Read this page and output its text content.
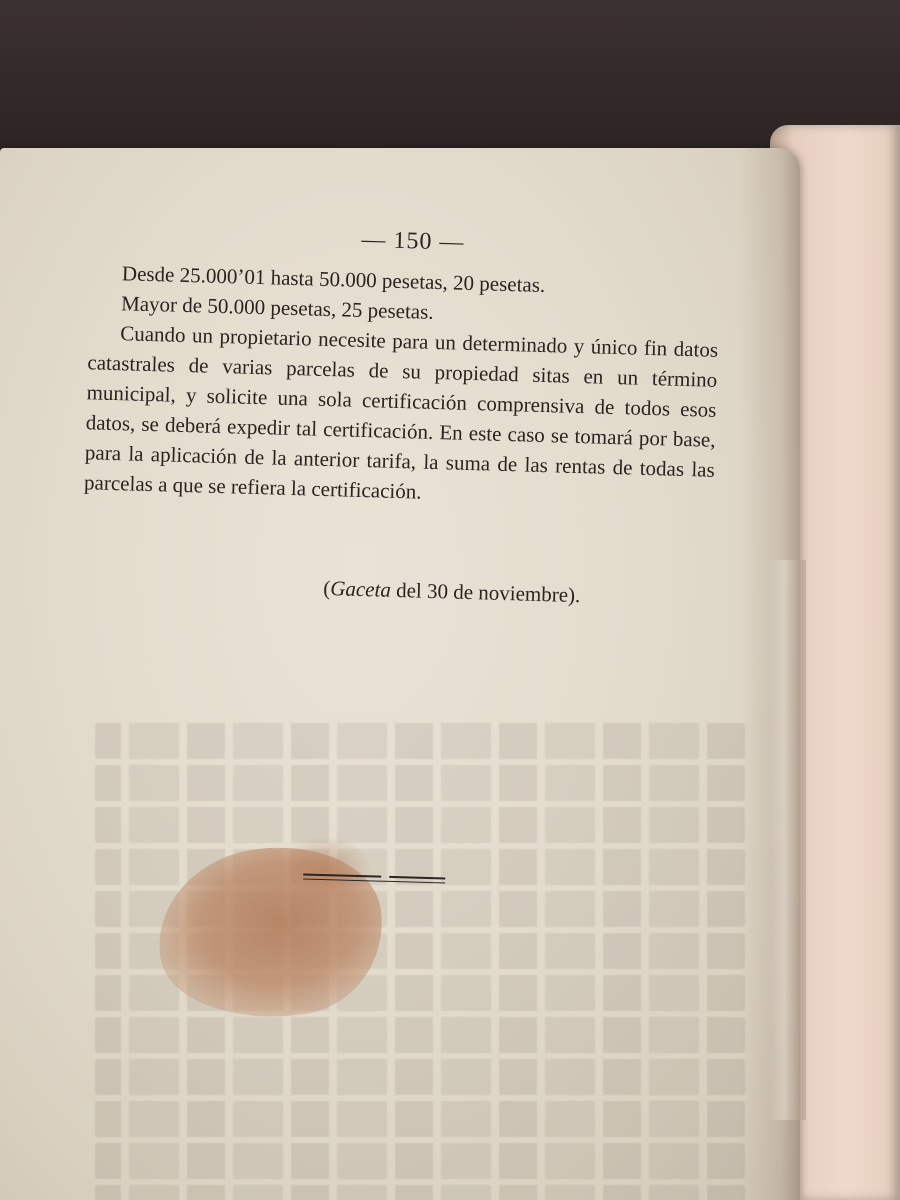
— 150 —

Desde 25.000’01 hasta 50.000 pesetas, 20 pesetas.

Mayor de 50.000 pesetas, 25 pesetas.

Cuando un propietario necesite para un determinado y único fin datos catastrales de varias parcelas de su propiedad sitas en un término municipal, y solicite una sola certificación comprensiva de todos esos datos, se deberá expedir tal certificación. En este caso se tomará por base, para la aplicación de la anterior tarifa, la suma de las rentas de todas las parcelas a que se refiera la certificación.

(Gaceta del 30 de noviembre).
